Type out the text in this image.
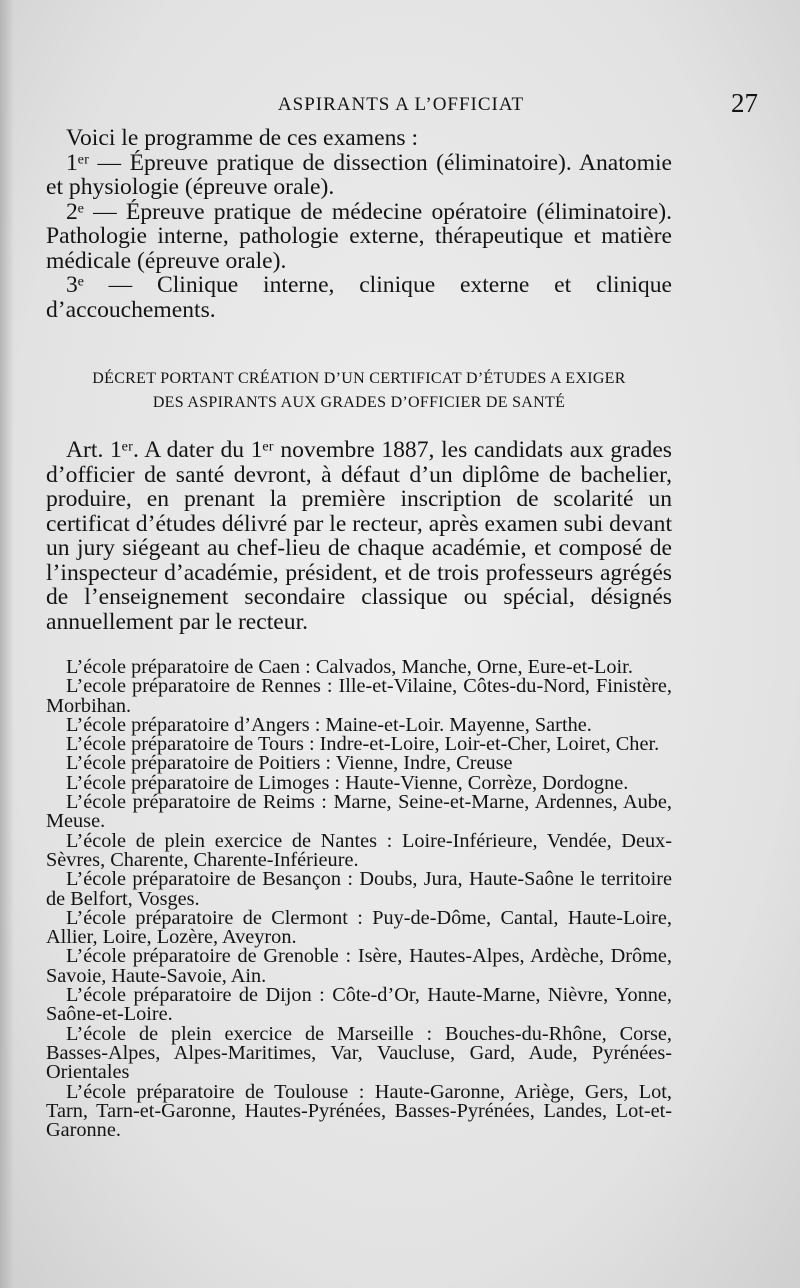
ASPIRANTS A L’OFFICIAT	27

Voici le programme de ces examens :

1ᵉʳ — Épreuve pratique de dissection (éliminatoire). Anatomie et physiologie (épreuve orale).

2ᵉ — Épreuve pratique de médecine opératoire (éliminatoire). Pathologie interne, pathologie externe, thérapeutique et matière médicale (épreuve orale).

3ᵉ — Clinique interne, clinique externe et clinique d’accouchements.

DÉCRET PORTANT CRÉATION D’UN CERTIFICAT D’ÉTUDES A EXIGER
DES ASPIRANTS AUX GRADES D’OFFICIER DE SANTÉ

Art. 1ᵉʳ. A dater du 1ᵉʳ novembre 1887, les candidats aux grades d’officier de santé devront, à défaut d’un diplôme de bachelier, produire, en prenant la première inscription de scolarité un certificat d’études délivré par le recteur, après examen subi devant un jury siégeant au chef-lieu de chaque académie, et composé de l’inspecteur d’académie, président, et de trois professeurs agrégés de l’enseignement secondaire classique ou spécial, désignés annuellement par le recteur.

L’école préparatoire de Caen : Calvados, Manche, Orne, Eure-et-Loir.

L’ecole préparatoire de Rennes : Ille-et-Vilaine, Côtes-du-Nord, Finistère, Morbihan.

L’école préparatoire d’Angers : Maine-et-Loir. Mayenne, Sarthe.

L’école préparatoire de Tours : Indre-et-Loire, Loir-et-Cher, Loiret, Cher.

L’école préparatoire de Poitiers : Vienne, Indre, Creuse

L’école préparatoire de Limoges : Haute-Vienne, Corrèze, Dordogne.

L’école préparatoire de Reims : Marne, Seine-et-Marne, Ardennes, Aube, Meuse.

L’école de plein exercice de Nantes : Loire-Inférieure, Vendée, Deux-Sèvres, Charente, Charente-Inférieure.

L’école préparatoire de Besançon : Doubs, Jura, Haute-Saône le territoire de Belfort, Vosges.

L’école préparatoire de Clermont : Puy-de-Dôme, Cantal, Haute-Loire, Allier, Loire, Lozère, Aveyron.

L’école préparatoire de Grenoble : Isère, Hautes-Alpes, Ardèche, Drôme, Savoie, Haute-Savoie, Ain.

L’école préparatoire de Dijon : Côte-d’Or, Haute-Marne, Nièvre, Yonne, Saône-et-Loire.

L’école de plein exercice de Marseille : Bouches-du-Rhône, Corse, Basses-Alpes, Alpes-Maritimes, Var, Vaucluse, Gard, Aude, Pyrénées-Orientales

L’école préparatoire de Toulouse : Haute-Garonne, Ariège, Gers, Lot, Tarn, Tarn-et-Garonne, Hautes-Pyrénées, Basses-Pyrénées, Landes, Lot-et-Garonne.
